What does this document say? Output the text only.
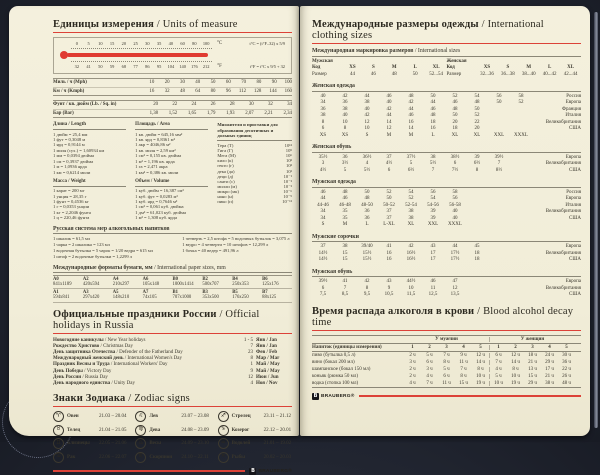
Единицы измерения / Units of measure
0	5	10	15	20	25	30	35	40	60	80	100	°C	t°C = (t°F–32) x 5/9
32	41	50	59	68	77	86	95	104	140	176	212	°F	t°F = t°C x 9/5 + 32
Миль / ч (Mph)	10	20	30	40	50	60	70	80	90	100
Км / ч (Kmph)	16	32	48	64	80	96	112	128	144	160
Фунт / кв. дюйм (Lb. / Sq. in)	20	22	24	26	28	30	32	34
Бар (Bar)	1,38	1,52	1,65	1,79	1,93	2,07	2,21	2,34
Длина / Length
1 дюйм = 25,4 мм
1 фут = 0,3048 м
1 ярд = 0,9144 м
1 миля (сух.) = 1,60934 км
1 мм = 0,0394 дюйма
1 см = 0,3937 дюйма
1 м = 1,0936 ярда
1 км = 0,6214 мили
Масса / Weight
1 карат = 200 мг
1 унция = 28,35 г
1 фунт = 0,4536 кг
1 г = 0,0353 унции
1 кг = 2,2046 фунта
1 ц = 220,46 фунта
Площадь / Area
1 кв. дюйм = 645,16 мм²
1 кв. ярд = 0,8361 м²
1 акр = 4046,86 м²
1 кв. миля = 2,59 км²
1 см² = 0,155 кв. дюйма
1 м² = 1,196 кв. ярда
1 га = 2,471 акра
1 км² = 0,386 кв. мили
Объем / Volume
1 куб. дюйм = 16,387 см³
1 куб. фут = 0,0283 м³
1 куб. ярд = 0,7646 м³
1 см³ = 0,061 куб. дюйма
1 дм³ = 61,023 куб. дюйма
1 м³ = 1,308 куб. ярда
Множители и приставки для образования десятичных и дольных единиц
Тера (Т)	10¹²
Гига (Г)	10⁹
Мега (М)	10⁶
кило (к)	10³
гекто (г)	10²
дека (да)	10¹
деци (д)	10⁻¹
санти (с)	10⁻²
милли (м)	10⁻³
микро (мк)	10⁻⁶
нано (н)	10⁻⁹
пико (п)	10⁻¹²
Русская система мер алкогольных напитков
1 шкалик = 61,5 мл
1 чарка = 2 шкалика = 123 мл
1 водочная бутылка = 5 чарок = 1/20 ведра = 615 мл
1 штоф = 2 водочные бутылки = 1,2299 л
1 четверть = 2,5 штофа = 5 водочных бутылок = 3,075 л
1 ведро = 4 четверти = 10 штофов = 12,299 л
1 бочка = 40 ведер = 491,96 л
Международные форматы бумаги, мм / International paper sizes, mm
A0	A2	A4	A6	B0	B2	B4	B6
841x1189	420x594	210x297	105x148	1000x1414	500x707	250x353	125x176
A1	A3	A5	A7	B1	B3	B5	B7
594x841	297x420	148x210	74x105	707x1000	353x500	176x250	88x125
Официальные праздники России / Official holidays in Russia
Новогодние каникулы / New Year holidays	1 - 5 Янв / Jan
Рождество Христово / Christmas Day	7 Янв / Jan
День защитника Отечества / Defender of the Fatherland Day	23 Фев / Feb
Международный женский день / International Women's Day	8 Мар / Mar
Праздник Весны и Труда / International Workers' Day	1 Май / May
День Победы / Victory Day	9 Май / May
День России / Russia Day	12 Июн / Jun
День народного единства / Unity Day	4 Ноя / Nov
Знаки Зодиака / Zodiac signs
♈	Овен	21.03 – 20.04
♉	Телец	21.04 – 21.05
♊	Близнецы	22.05 – 21.06
♋	Рак	22.06 – 22.07
♌	Лев	23.07 – 23.08
♍	Дева	24.08 – 23.09
♎	Весы	24.09 – 23.10
♏	Скорпион	24.10 – 22.11
♐	Стрелец	23.11 – 21.12
♑	Козерог	22.12 – 20.01
♒	Водолей	21.01 – 19.02
♓	Рыбы	20.02 – 20.03
B BRAUBERG®
Международные размеры одежды / International clothing sizes
Международная маркировка размеров / International sizes
Мужская	Женская
Код	XS	S	M	L	XL	Код	XS	S	M	L	XL
Размер	44	46	48	50	52...54 Размер	32...36	36...38	38...40	40...42	42...44
Женская одежда
40	42	44	46	48	50	52	54	56	58	Россия
34	36	38	40	42	44	46	48	50	52	Европа
36	38	40	42	44	46	48	50	Франция
38	40	42	44	46	48	50	52	Италия
8	10	12	14	16	18	20	22	Великобритания
6	8	10	12	14	16	18	20	США
XS	XS	S	M	M	L	XL	XL	XXL	XXXL
Женская обувь
35½	36	36½	37	37½	38	38½	39	39½	Европа
3	3½	4	4½	5	5½	6	6½	7	Великобритания
4½	5	5½	6	6½	7	7½	8	8½	США
Мужская одежда
46	48	50	52	54	56	58	Россия
44	46	48	50	52	54	56	Европа
44-46	46-48	48-50	50-52	52-54	54-56	56-58	Италия
34	35	36	37	38	39	40	Великобритания
34	35	36	37	38	39	40	США
S	M	L	L-XL	XL	XXL	XXXL
Мужские сорочки
37	38	39/40	41	42	43	44	45	Европа
14½	15	15½	16	16½	17	17½	18	Великобритания
14½	15	15½	16	16½	17	17½	18	США
Мужская обувь
39½	41	42	43	44½	46	47	Европа
6	7	8	9	10	11	12	Великобритания
7,5	8,5	9,5	10,5	11,5	12,5	13,5	США
Время распада алкоголя в крови / Blood alcohol decay time
У мужчин	У женщин
Напиток (единицы измерения)	1	2	3	4	5	1	2	3	4	5
пиво (бутылка 0,5 л)	2 ч	5 ч	7 ч	9 ч	12 ч	6 ч	12 ч	18 ч	24 ч	30 ч
вино (бокал 200 мл)	3 ч	6 ч	8 ч	11 ч	14 ч	7 ч	14 ч	21 ч	29 ч	36 ч
шампанское (бокал 150 мл)	2 ч	3 ч	5 ч	7 ч	8 ч	4 ч	8 ч	13 ч	17 ч	22 ч
коньяк (рюмка 50 мл)	2 ч	4 ч	6 ч	8 ч	10 ч	5 ч	10 ч	15 ч	21 ч	26 ч
водка (стопка 100 мл)	4 ч	7 ч	11 ч	15 ч	19 ч	10 ч	19 ч	29 ч	38 ч	48 ч
B BRAUBERG®
